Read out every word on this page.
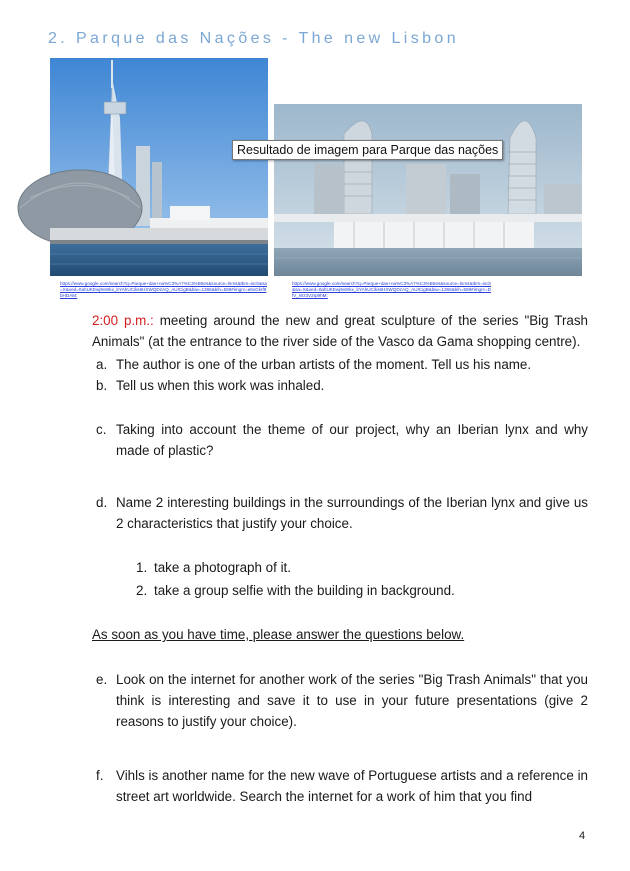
2. Parque das Nações - The new Lisbon
Resultado de imagem para Parque das nações
https://www.google.com/search?q=Parque+das+na%C3%A7%C3%B5es&source=lnms&tbm=isch&sa=X&ved=0ahUKEwj9v9rkx_bYAhUCiks6HXWQDzAQ_AUICigB&biw=1366&bih=599#imgrc=e6xGkrf9bHDAM:
https://www.google.com/search?q=Parque+das+na%C3%A7%C3%B5es&source=lnms&tbm=isch&sa=X&ved=0ahUKEwj9v9rkx_bYAhUCiks6HXWQDzAQ_AUICigB&biw=1366&bih=599#imgrc=DfV_Wz3V2Ip9hM:
2:00 p.m.: meeting around the new and great sculpture of the series "Big Trash Animals" (at the entrance to the river side of the Vasco da Gama shopping centre).
a. The author is one of the urban artists of the moment. Tell us his name.
b. Tell us when this work was inhaled.
c. Taking into account the theme of our project, why an Iberian lynx and why made of plastic?
d. Name 2 interesting buildings in the surroundings of the Iberian lynx and give us 2 characteristics that justify your choice.
1. take a photograph of it.
2. take a group selfie with the building in background.
As soon as you have time, please answer the questions below.
e. Look on the internet for another work of the series "Big Trash Animals" that you think is interesting and save it to use in your future presentations (give 2 reasons to justify your choice).
f. Vihls is another name for the new wave of Portuguese artists and a reference in street art worldwide. Search the internet for a work of him that you find
4
